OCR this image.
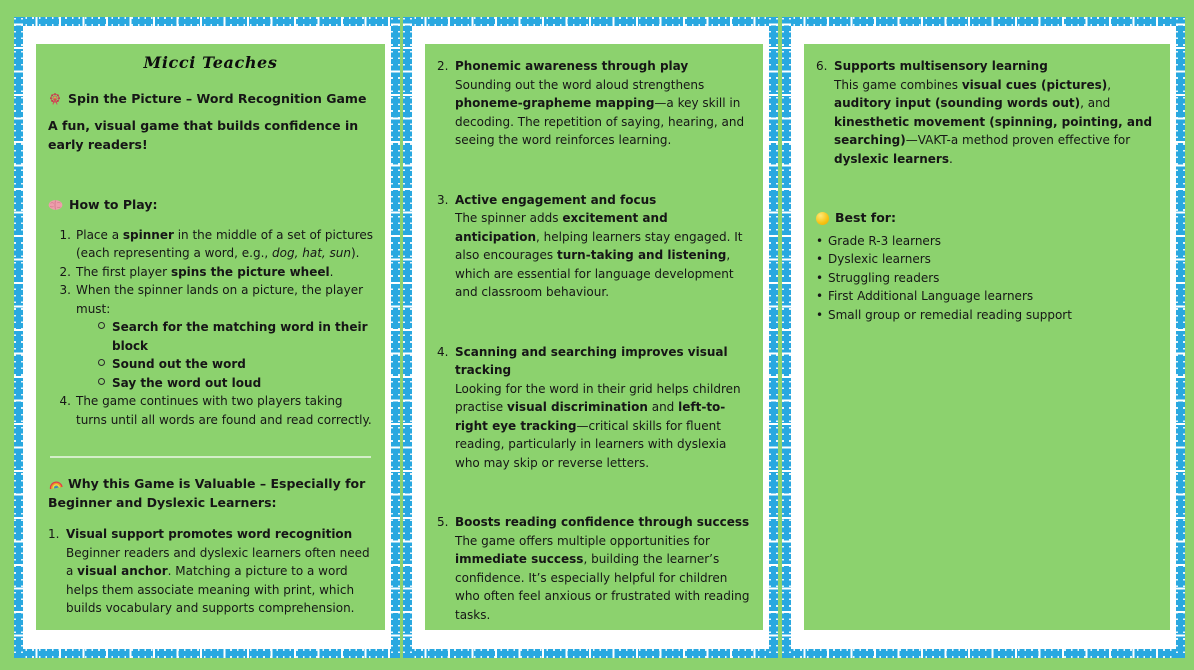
Micci Teaches
Spin the Picture – Word Recognition Game

A fun, visual game that builds confidence in early readers!

How to Play:
1. Place a spinner in the middle of a set of pictures (each representing a word, e.g., dog, hat, sun).
2. The first player spins the picture wheel.
3. When the spinner lands on a picture, the player must:
Search for the matching word in their block
Sound out the word
Say the word out loud
4. The game continues with two players taking turns until all words are found and read correctly.
Why this Game is Valuable – Especially for Beginner and Dyslexic Learners:
1. Visual support promotes word recognition
Beginner readers and dyslexic learners often need a visual anchor. Matching a picture to a word helps them associate meaning with print, which builds vocabulary and supports comprehension.
2. Phonemic awareness through play
Sounding out the word aloud strengthens phoneme-grapheme mapping—a key skill in decoding. The repetition of saying, hearing, and seeing the word reinforces learning.
3. Active engagement and focus
The spinner adds excitement and anticipation, helping learners stay engaged. It also encourages turn-taking and listening, which are essential for language development and classroom behaviour.
4. Scanning and searching improves visual tracking
Looking for the word in their grid helps children practise visual discrimination and left-to-right eye tracking—critical skills for fluent reading, particularly in learners with dyslexia who may skip or reverse letters.
5. Boosts reading confidence through success
The game offers multiple opportunities for immediate success, building the learner’s confidence. It’s especially helpful for children who often feel anxious or frustrated with reading tasks.
6. Supports multisensory learning
This game combines visual cues (pictures), auditory input (sounding words out), and kinesthetic movement (spinning, pointing, and searching)—VAKT-a method proven effective for dyslexic learners.
Best for:
• Grade R-3 learners
• Dyslexic learners
• Struggling readers
• First Additional Language learners
• Small group or remedial reading support
